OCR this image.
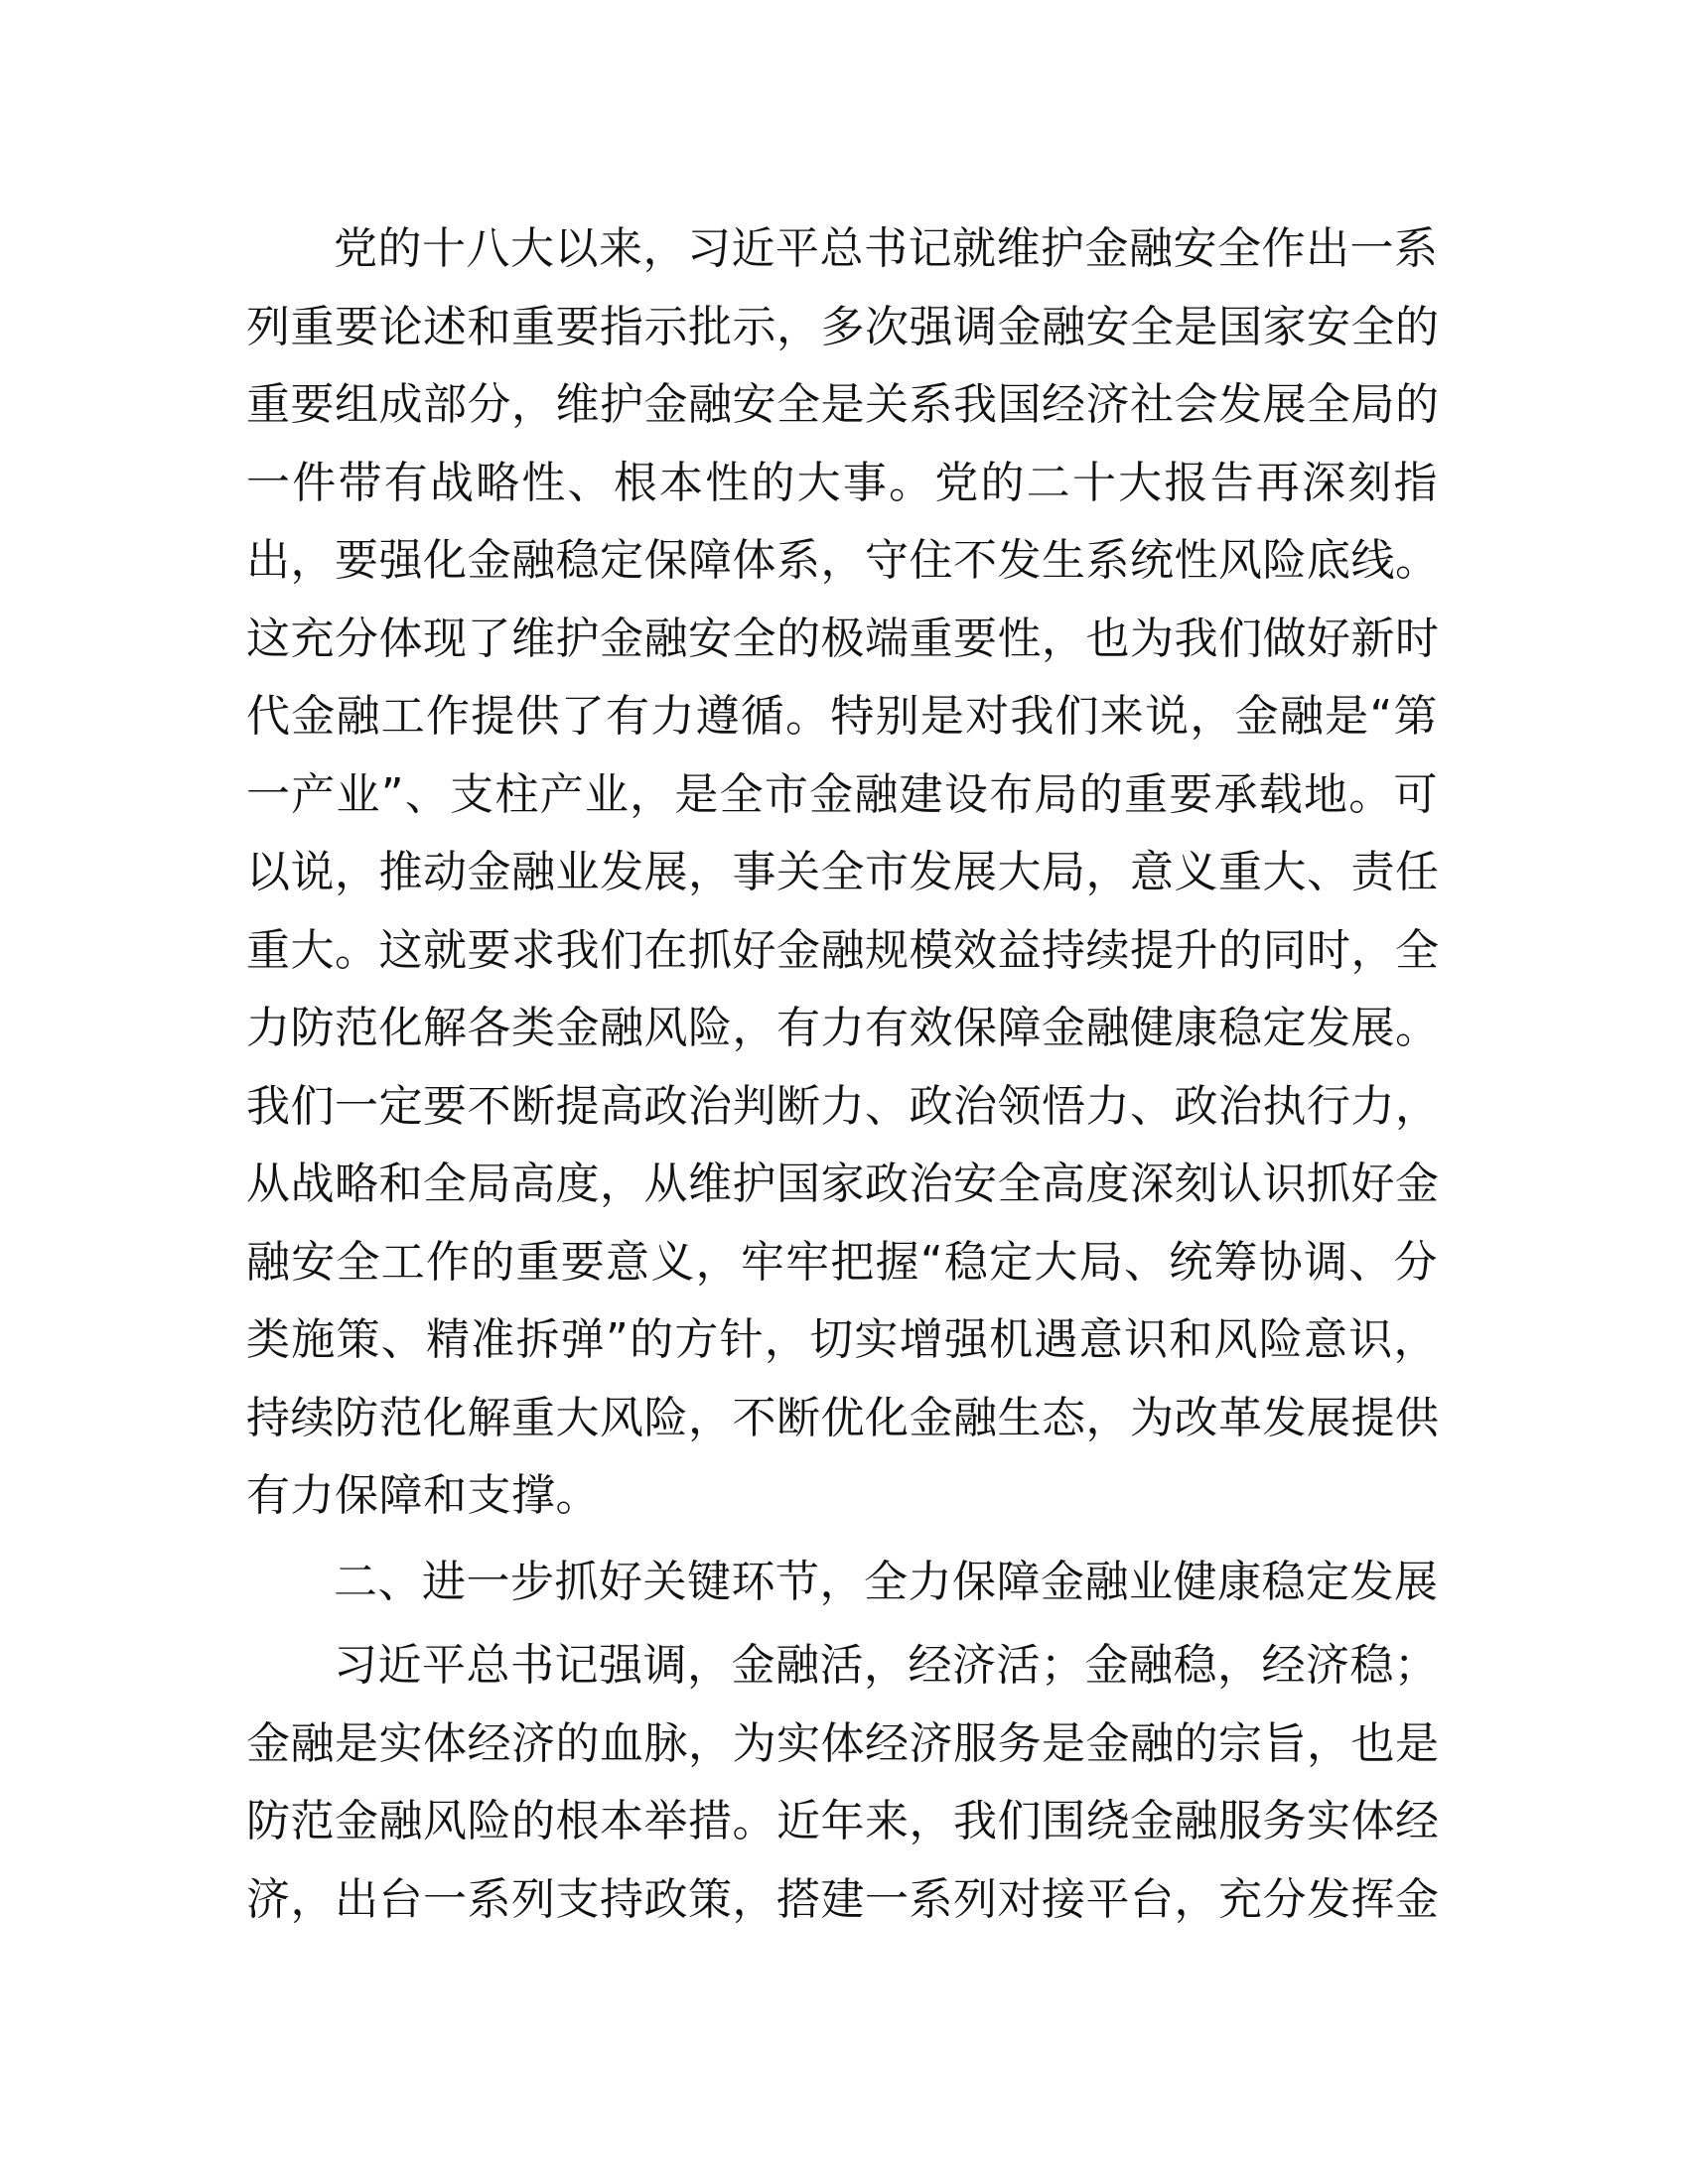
党的十八大以来，习近平总书记就维护金融安全作出一系
列重要论述和重要指示批示，多次强调金融安全是国家安全的
重要组成部分，维护金融安全是关系我国经济社会发展全局的
一件带有战略性、根本性的大事。党的二十大报告再深刻指
出，要强化金融稳定保障体系，守住不发生系统性风险底线。
这充分体现了维护金融安全的极端重要性，也为我们做好新时
代金融工作提供了有力遵循。特别是对我们来说，金融是“第
一产业”、支柱产业，是全市金融建设布局的重要承载地。可
以说，推动金融业发展，事关全市发展大局，意义重大、责任
重大。这就要求我们在抓好金融规模效益持续提升的同时，全
力防范化解各类金融风险，有力有效保障金融健康稳定发展。
我们一定要不断提高政治判断力、政治领悟力、政治执行力，
从战略和全局高度，从维护国家政治安全高度深刻认识抓好金
融安全工作的重要意义，牢牢把握“稳定大局、统筹协调、分
类施策、精准拆弹”的方针，切实增强机遇意识和风险意识，
持续防范化解重大风险，不断优化金融生态，为改革发展提供
有力保障和支撑。
二、进一步抓好关键环节，全力保障金融业健康稳定发展
习近平总书记强调，金融活，经济活；金融稳，经济稳；
金融是实体经济的血脉，为实体经济服务是金融的宗旨，也是
防范金融风险的根本举措。近年来，我们围绕金融服务实体经
济，出台一系列支持政策，搭建一系列对接平台，充分发挥金
